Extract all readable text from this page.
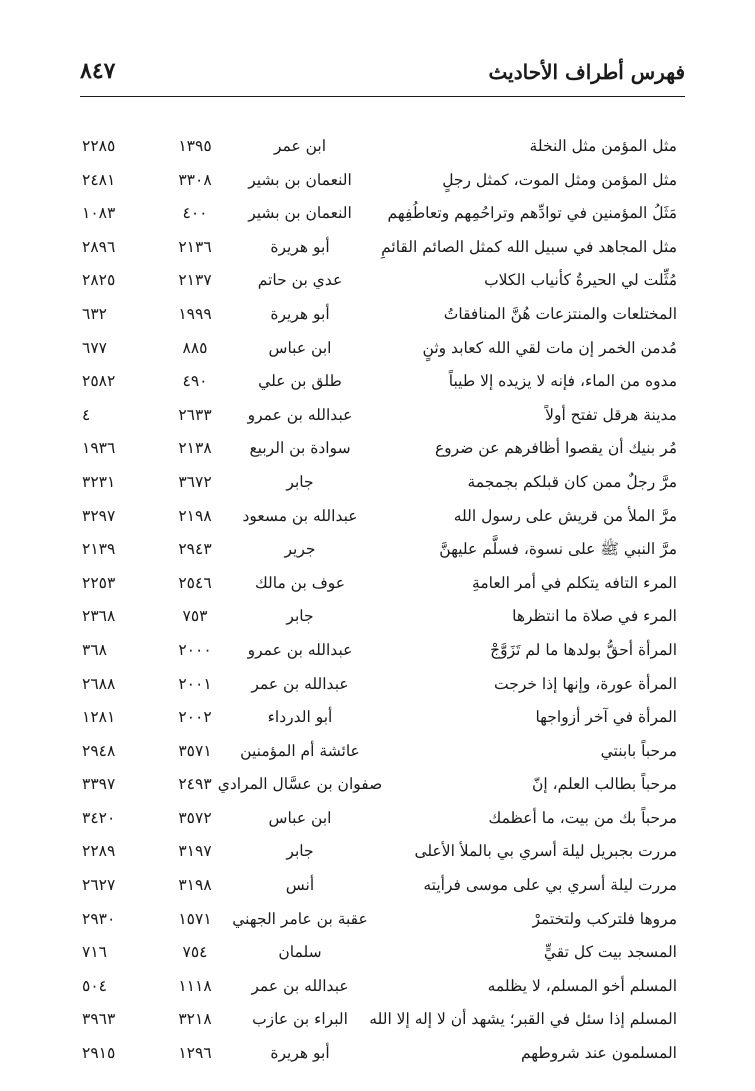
فهرس أطراف الأحاديث
٨٤٧
مثل المؤمن مثل النخلة
ابن عمر
١٣٩٥
٢٢٨٥
مثل المؤمن ومثل الموت، كمثل رجلٍ
النعمان بن بشير
٣٣٠٨
٢٤٨١
مَثَلُ المؤمنين في توادِّهم وتراحُمِهم وتعاطُفِهم
النعمان بن بشير
٤٠٠
١٠٨٣
مثل المجاهد في سبيل الله كمثل الصائم القائمِ
أبو هريرة
٢١٣٦
٢٨٩٦
مُثِّلت لي الحيرةُ كأنياب الكلاب
عدي بن حاتم
٢١٣٧
٢٨٢٥
المختلعات والمنتزعات هُنَّ المنافقاتُ
أبو هريرة
١٩٩٩
٦٣٢
مُدمن الخمر إن مات لقي الله كعابد وثنٍ
ابن عباس
٨٨٥
٦٧٧
مدوه من الماء، فإنه لا يزيده إلا طيباً
طلق بن علي
٤٩٠
٢٥٨٢
مدينة هرقل تفتح أولاً
عبدالله بن عمرو
٢٦٣٣
٤
مُر بنيك أن يقصوا أظافرهم عن ضروع
سوادة بن الربيع
٢١٣٨
١٩٣٦
مرَّ رجلٌ ممن كان قبلكم بجمجمة
جابر
٣٦٧٢
٣٢٣١
مرَّ الملأ من قريش على رسول الله
عبدالله بن مسعود
٢١٩٨
٣٢٩٧
مرَّ النبي ﷺ على نسوة، فسلَّم عليهنَّ
جرير
٢٩٤٣
٢١٣٩
المرء التافه يتكلم في أمر العامةِ
عوف بن مالك
٢٥٤٦
٢٢٥٣
المرء في صلاة ما انتظرها
جابر
٧٥٣
٢٣٦٨
المرأة أحقُّ بولدها ما لم تَزَوَّجْ
عبدالله بن عمرو
٢٠٠٠
٣٦٨
المرأة عورة، وإنها إذا خرجت
عبدالله بن عمر
٢٠٠١
٢٦٨٨
المرأة في آخر أزواجها
أبو الدرداء
٢٠٠٢
١٢٨١
مرحباً بابنتي
عائشة أم المؤمنين
٣٥٧١
٢٩٤٨
مرحباً بطالب العلم، إنّ
صفوان بن عسَّال المرادي
٢٤٩٣
٣٣٩٧
مرحباً بك من بيت، ما أعظمك
ابن عباس
٣٥٧٢
٣٤٢٠
مررت بجبريل ليلة أسري بي بالملأ الأعلى
جابر
٣١٩٧
٢٢٨٩
مررت ليلة أسري بي على موسى فرأيته
أنس
٣١٩٨
٢٦٢٧
مروها فلتركب ولتختمرْ
عقبة بن عامر الجهني
١٥٧١
٢٩٣٠
المسجد بيت كل تقيٍّ
سلمان
٧٥٤
٧١٦
المسلم أخو المسلم، لا يظلمه
عبدالله بن عمر
١١١٨
٥٠٤
المسلم إذا سئل في القبر؛ يشهد أن لا إله إلا الله
البراء بن عازب
٣٢١٨
٣٩٦٣
المسلمون عند شروطهم
أبو هريرة
١٢٩٦
٢٩١٥
